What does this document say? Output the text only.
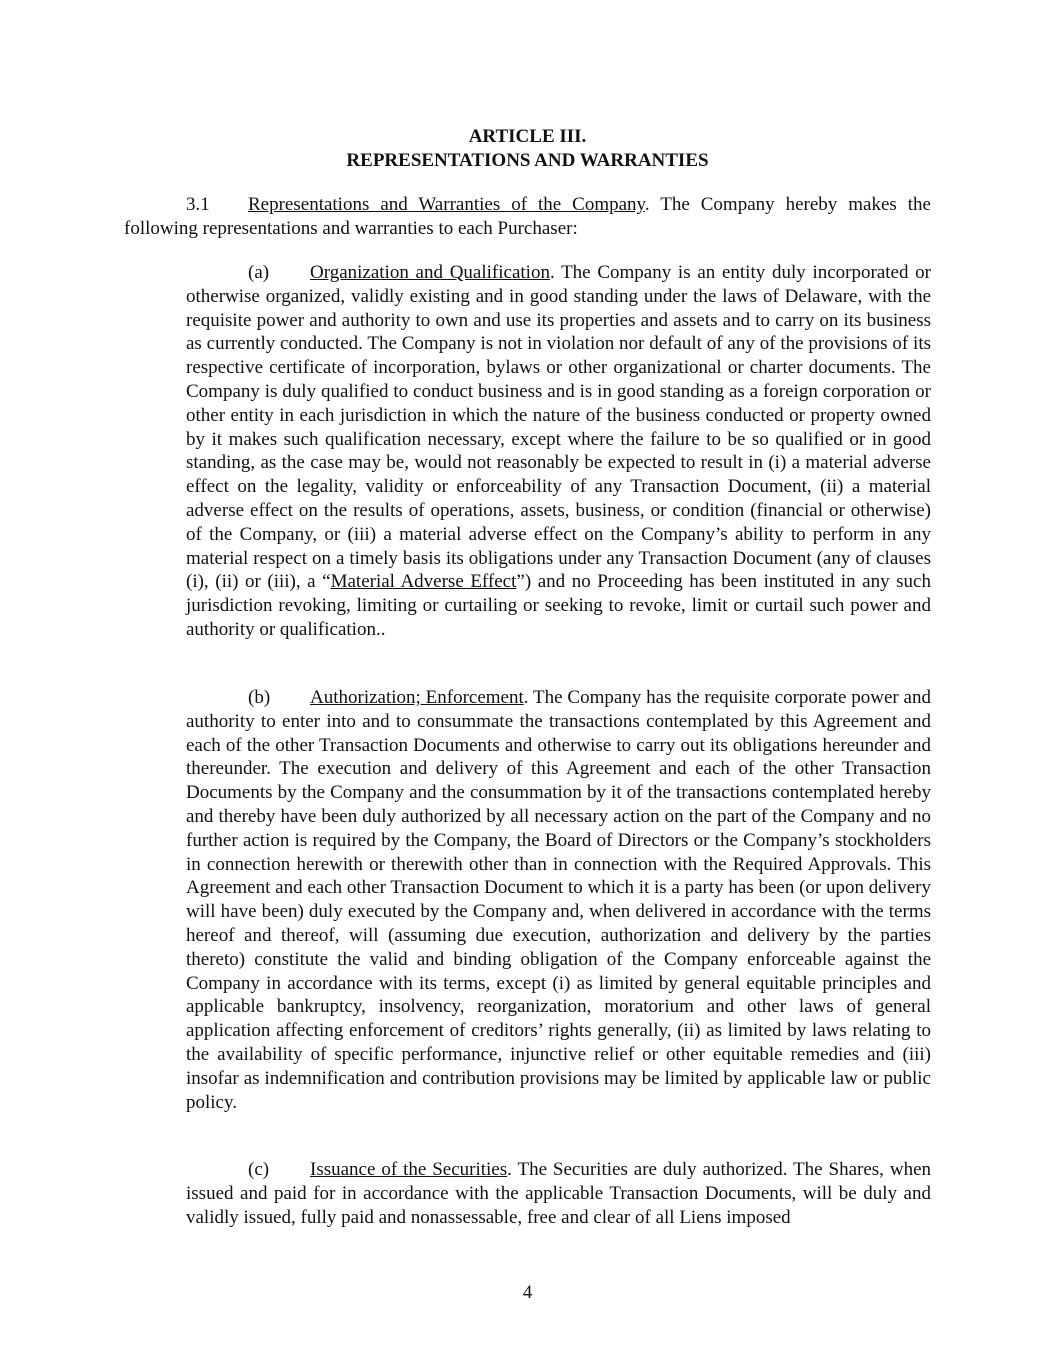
ARTICLE III.
REPRESENTATIONS AND WARRANTIES

3.1 Representations and Warranties of the Company. The Company hereby makes the following representations and warranties to each Purchaser:

(a) Organization and Qualification. The Company is an entity duly incorporated or otherwise organized, validly existing and in good standing under the laws of Delaware, with the requisite power and authority to own and use its properties and assets and to carry on its business as currently conducted. The Company is not in violation nor default of any of the provisions of its respective certificate of incorporation, bylaws or other organizational or charter documents. The Company is duly qualified to conduct business and is in good standing as a foreign corporation or other entity in each jurisdiction in which the nature of the business conducted or property owned by it makes such qualification necessary, except where the failure to be so qualified or in good standing, as the case may be, would not reasonably be expected to result in (i) a material adverse effect on the legality, validity or enforceability of any Transaction Document, (ii) a material adverse effect on the results of operations, assets, business, or condition (financial or otherwise) of the Company, or (iii) a material adverse effect on the Company’s ability to perform in any material respect on a timely basis its obligations under any Transaction Document (any of clauses (i), (ii) or (iii), a “Material Adverse Effect”) and no Proceeding has been instituted in any such jurisdiction revoking, limiting or curtailing or seeking to revoke, limit or curtail such power and authority or qualification..

(b) Authorization; Enforcement. The Company has the requisite corporate power and authority to enter into and to consummate the transactions contemplated by this Agreement and each of the other Transaction Documents and otherwise to carry out its obligations hereunder and thereunder. The execution and delivery of this Agreement and each of the other Transaction Documents by the Company and the consummation by it of the transactions contemplated hereby and thereby have been duly authorized by all necessary action on the part of the Company and no further action is required by the Company, the Board of Directors or the Company’s stockholders in connection herewith or therewith other than in connection with the Required Approvals. This Agreement and each other Transaction Document to which it is a party has been (or upon delivery will have been) duly executed by the Company and, when delivered in accordance with the terms hereof and thereof, will (assuming due execution, authorization and delivery by the parties thereto) constitute the valid and binding obligation of the Company enforceable against the Company in accordance with its terms, except (i) as limited by general equitable principles and applicable bankruptcy, insolvency, reorganization, moratorium and other laws of general application affecting enforcement of creditors’ rights generally, (ii) as limited by laws relating to the availability of specific performance, injunctive relief or other equitable remedies and (iii) insofar as indemnification and contribution provisions may be limited by applicable law or public policy.

(c) Issuance of the Securities. The Securities are duly authorized. The Shares, when issued and paid for in accordance with the applicable Transaction Documents, will be duly and validly issued, fully paid and nonassessable, free and clear of all Liens imposed

4
